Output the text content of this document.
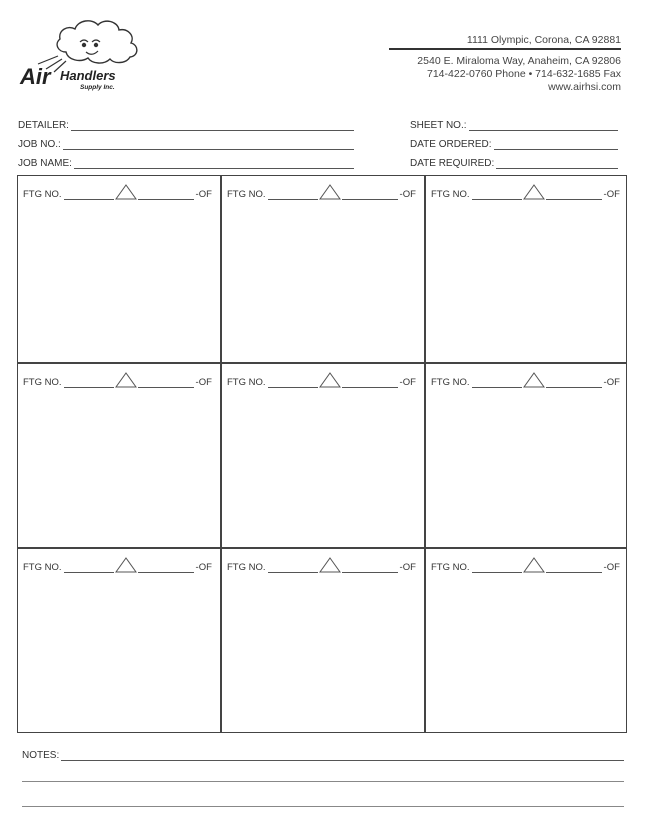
Air Handlers
Supply Inc.
1111 Olympic, Corona, CA 92881
2540 E. Miraloma Way, Anaheim, CA 92806
714-422-0760 Phone • 714-632-1685 Fax
www.airhsi.com
DETAILER:
JOB NO.:
JOB NAME:
SHEET NO.:
DATE ORDERED:
DATE REQUIRED:
FTG NO.	-OF FTG NO.	-OF FTG NO.	-OF
FTG NO.	-OF FTG NO.	-OF FTG NO.	-OF
FTG NO.	-OF FTG NO.	-OF FTG NO.	-OF
NOTES:
